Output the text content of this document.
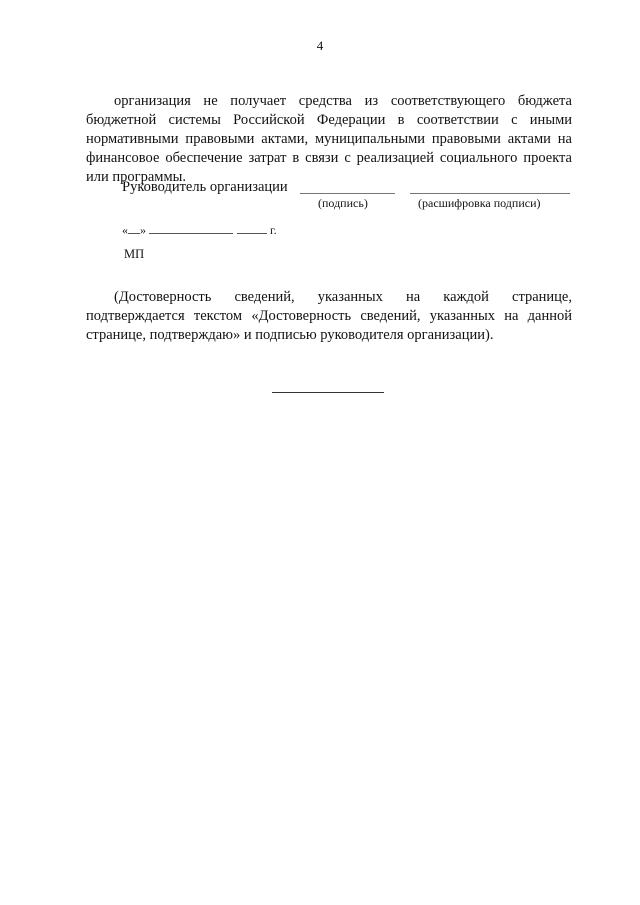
4

организация не получает средства из соответствующего бюджета бюджетной системы Российской Федерации в соответствии с иными нормативными правовыми актами, муниципальными правовыми актами на финансовое обеспечение затрат в связи с реализацией социального проекта или программы.

Руководитель организации
(подпись)	(расшифровка подписи)
« »	г.
МП

(Достоверность сведений, указанных на каждой странице, подтверждается текстом «Достоверность сведений, указанных на данной странице, подтверждаю» и подписью руководителя организации).
